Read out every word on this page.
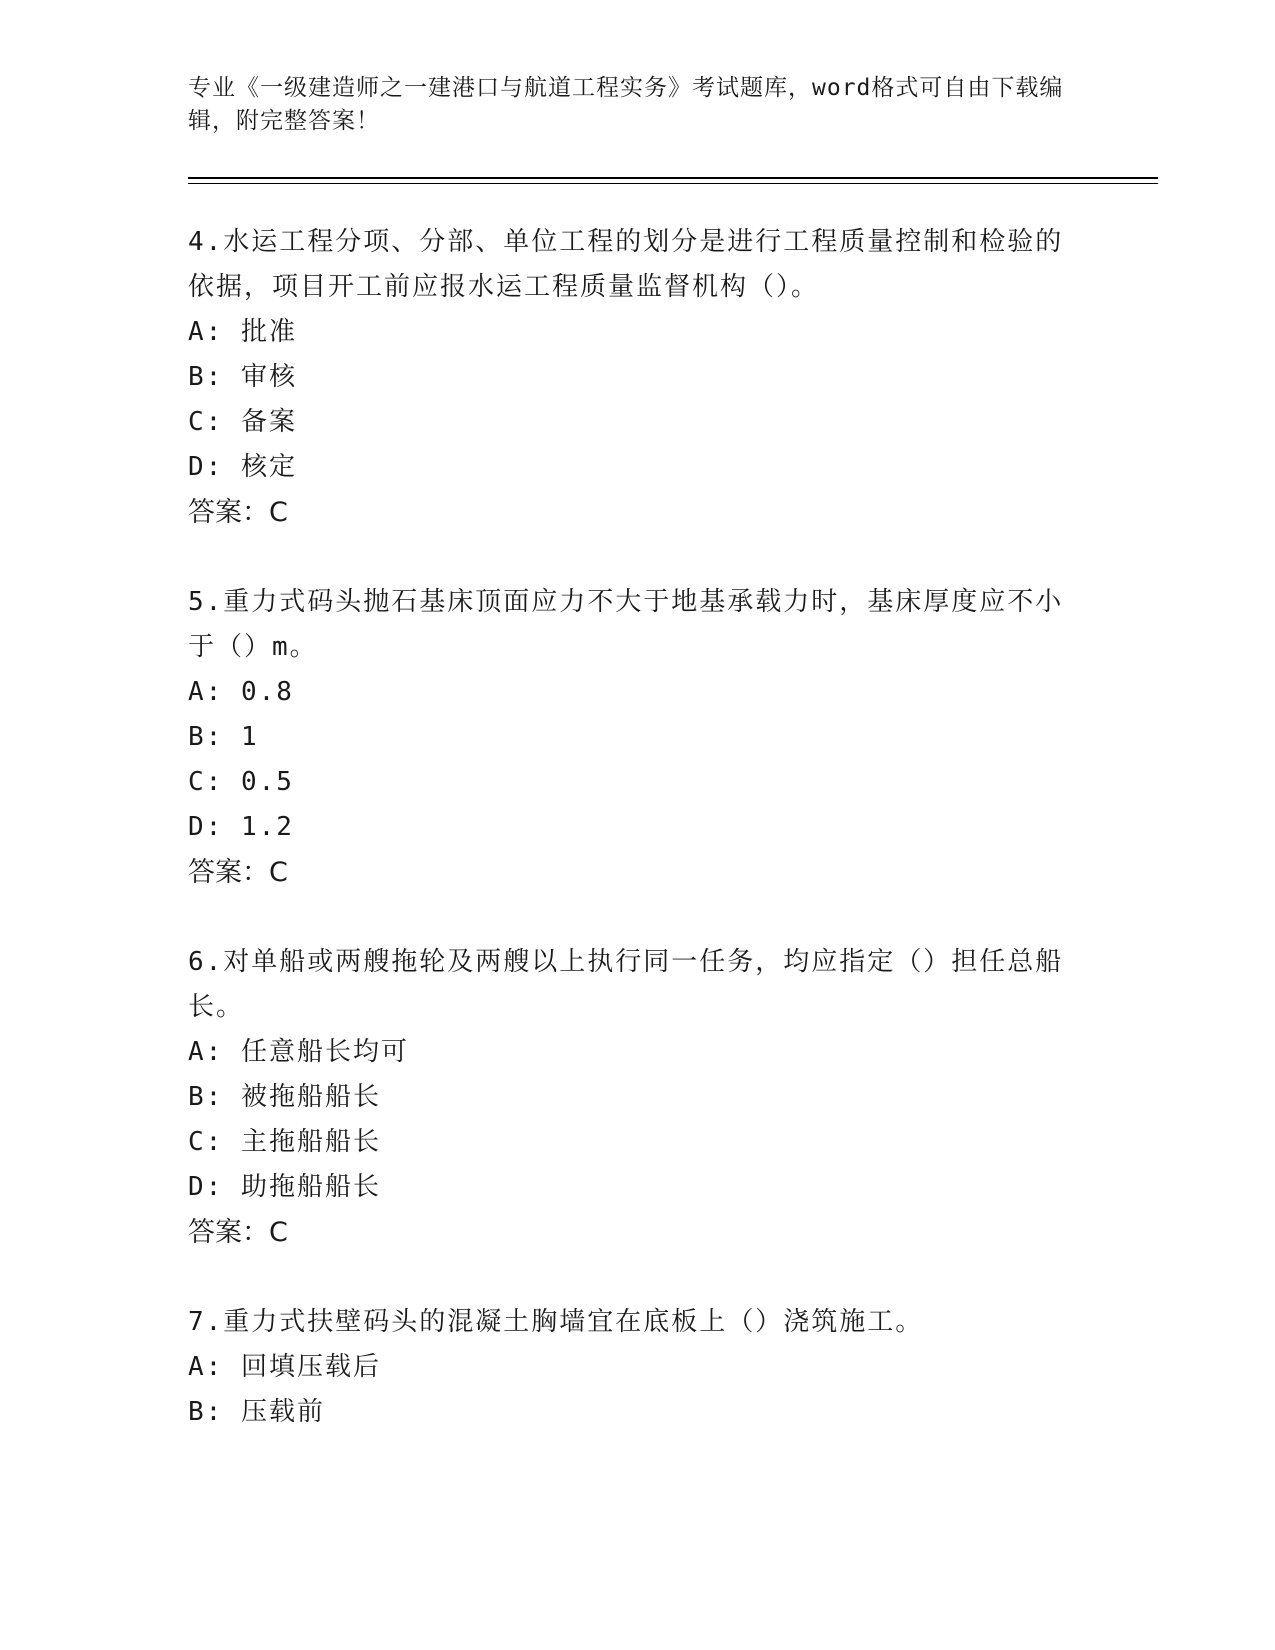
专业《一级建造师之一建港口与航道工程实务》考试题库，word格式可自由下载编辑，附完整答案！

4.水运工程分项、分部、单位工程的划分是进行工程质量控制和检验的依据，项目开工前应报水运工程质量监督机构（）。

A: 批准

B: 审核

C: 备案

D: 核定

答案：C

5.重力式码头抛石基床顶面应力不大于地基承载力时，基床厚度应不小于（）m。

A: 0.8

B: 1

C: 0.5

D: 1.2

答案：C

6.对单船或两艘拖轮及两艘以上执行同一任务，均应指定（）担任总船长。

A: 任意船长均可

B: 被拖船船长

C: 主拖船船长

D: 助拖船船长

答案：C

7.重力式扶壁码头的混凝土胸墙宜在底板上（）浇筑施工。

A: 回填压载后

B: 压载前
